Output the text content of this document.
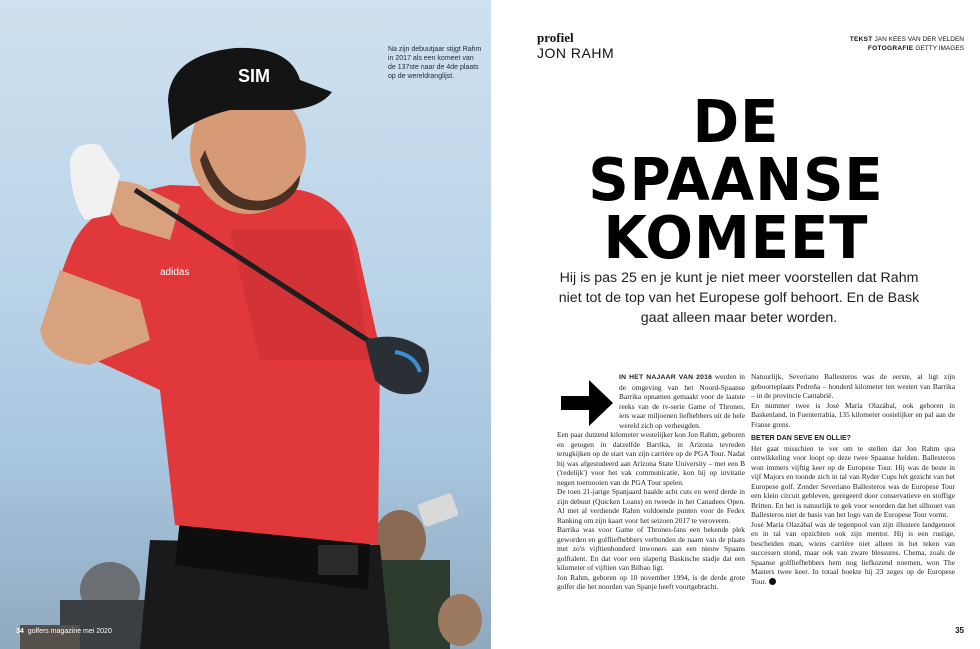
SIM
adidas
Na zijn debuutjaar stijgt Rahm in 2017 als een komeet van de 137ste naar de 4de plaats op de wereldranglijst.
34 golfers magazine mei 2020
profiel
JON RAHM
TEKST JAN KEES VAN DER VELDEN
FOTOGRAFIE GETTY IMAGES
DE
SPAANSE
KOMEET
Hij is pas 25 en je kunt je niet meer voorstellen dat Rahm niet tot de top van het Europese golf behoort. En de Bask gaat alleen maar beter worden.

IN HET NAJAAR VAN 2016 werden in de omgeving van het Noord-Spaanse Barrika opnamen gemaakt voor de laatste reeks van de tv-serie Game of Thrones, iets waar miljoenen liefhebbers uit de hele wereld zich op verheugden.

Een paar dutzend kilometer westelijker kon Jon Rahm, geboren en getogen in datzelfde Barrika, in Arizona tevreden terugkijken op de start van zijn carrière op de PGA Tour. Nadat hij was afgestudeerd aan Arizona State University – met een B ('redelijk') voor het vak communicatie, kon hij op invitatie negen toernooien van de PGA Tour spelen.

De toen 21-jarige Spanjaard haalde acht cuts en werd derde in zijn debuut (Quicken Loans) en tweede in het Canadees Open. Al met al verdiende Rahm voldoende punten voor de Fedex Ranking om zijn kaart voor het seizoen 2017 te veroveren.

Barrika was voor Game of Thrones-fans een bekende plek geworden en golfliefhebbers verbonden de naam van de plaats met zo'n vijftienhonderd inwoners aan een nieuw Spaans golftalent. En dat voor een slaperig Baskische stadje dat een kilometer of vijftien van Bilbao ligt.

Jon Rahm, geboren op 10 november 1994, is de derde grote golfer die het noorden van Spanje heeft voortgebracht.

Natuurlijk, Severiano Ballesteros was de eerste, al ligt zijn geboorteplaats Pedreña – honderd kilometer ten westen van Barrika – in de provincie Cantabrië.

En nummer twee is José María Olazábal, ook geboren in Baskenland, in Fuenterrabía, 135 kilometer oostelijker en pal aan de Franse grens.

BETER DAN SEVE EN OLLIE?

Het gaat misschien te ver om te stellen dat Jon Rahm qua ontwikkeling voor loopt op deze twee Spaanse helden. Ballesteros won immers vijftig keer op de Europese Tour. Hij was de beste in vijf Majors en toonde zich in tal van Ryder Cups hét gezicht van het Europese golf. Zonder Severiano Ballesteros was de Europese Tour een klein circuit gebleven, geregeerd door conservatieve en stoffige Britten. En het is natuurlijk te gek voor woorden dat het silhouet van Ballesteros niet de basis van het logo van de Europese Tour vormt.

José María Olazábal was de tegenpool van zijn illustere landgenoot en in tal van opzichten ook zijn mentor. Hij is een rustige, bescheiden man, wiens carrière niet alleen in het teken van successen stond, maar ook van zware blessures. Chema, zoals de Spaanse golfliefhebbers hem nog liefkozend noemen, won The Masters twee keer. In totaal boekte hij 23 zeges op de Europese Tour.

35
